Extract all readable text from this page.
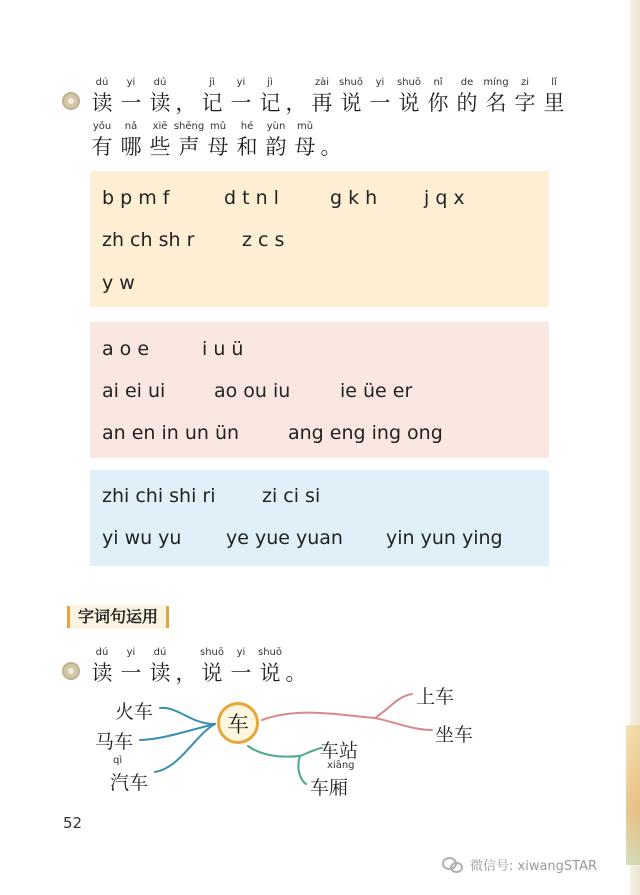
dú
读
yi
一
dú
读 ，
jì
记
yi
一
jì
记 ，
zài
再
shuō
说
yi
一
shuō
说
nǐ
你
de
的
míng
名
zi
字
lǐ
里
yǒu
有
nǎ
哪
xiē
些
shēng
声
mǔ
母
hé
和
yùn
韵
mǔ
母 。
b p m f	d t n l	g k h	j q x
zh ch sh r	z c s
y w
a o e	i u ü
ai ei ui	ao ou iu	ie üe er
an en in un ün	ang eng ing ong
zhi chi shi ri	zi ci si
yi wu yu	ye yue yuan	yin yun ying
字词句运用
dú
读
yi
一
dú
读 ，
shuō
说
yi
一
shuō
说 。
车
火车
马车
qì
汽车
上车
坐车
车站
xiāng
车厢
52
微信号: xiwangSTAR
